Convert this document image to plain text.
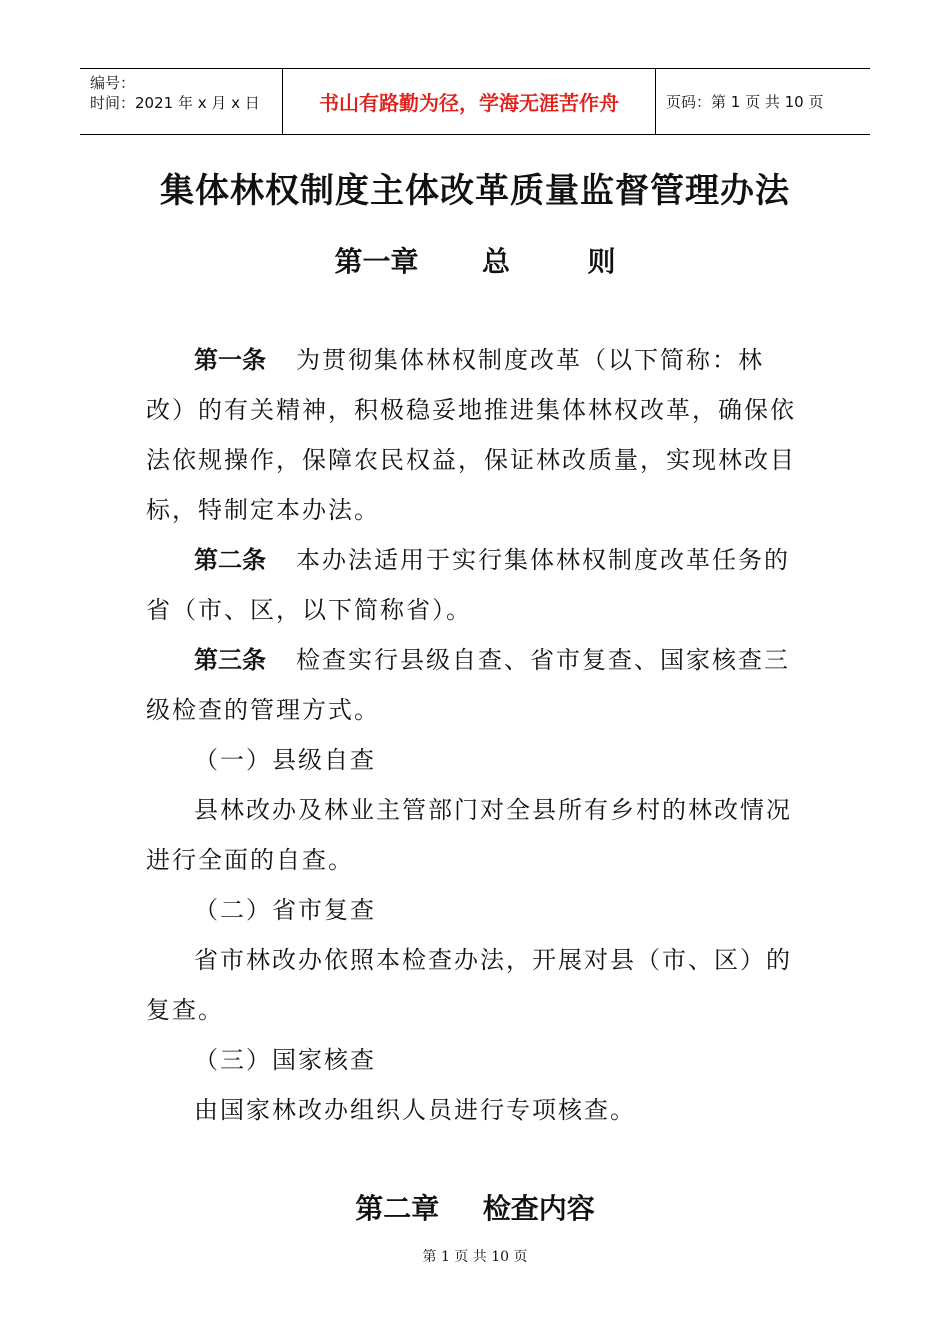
编号：
时间：2021 年 x 月 x 日	书山有路勤为径，学海无涯苦作舟	页码：第 1 页 共 10 页
集体林权制度主体改革质量监督管理办法
第一章 总	则

第一条 为贯彻集体林权制度改革（以下简称：林改）的有关精神，积极稳妥地推进集体林权改革，确保依法依规操作，保障农民权益，保证林改质量，实现林改目标，特制定本办法。

第二条 本办法适用于实行集体林权制度改革任务的省（市、区，以下简称省）。

第三条 检查实行县级自查、省市复查、国家核查三级检查的管理方式。

（一）县级自查

县林改办及林业主管部门对全县所有乡村的林改情况进行全面的自查。

（二）省市复查

省市林改办依照本检查办法，开展对县（市、区）的复查。

（三）国家核查

由国家林改办组织人员进行专项核查。

第二章 检查内容
第 1 页 共 10 页
